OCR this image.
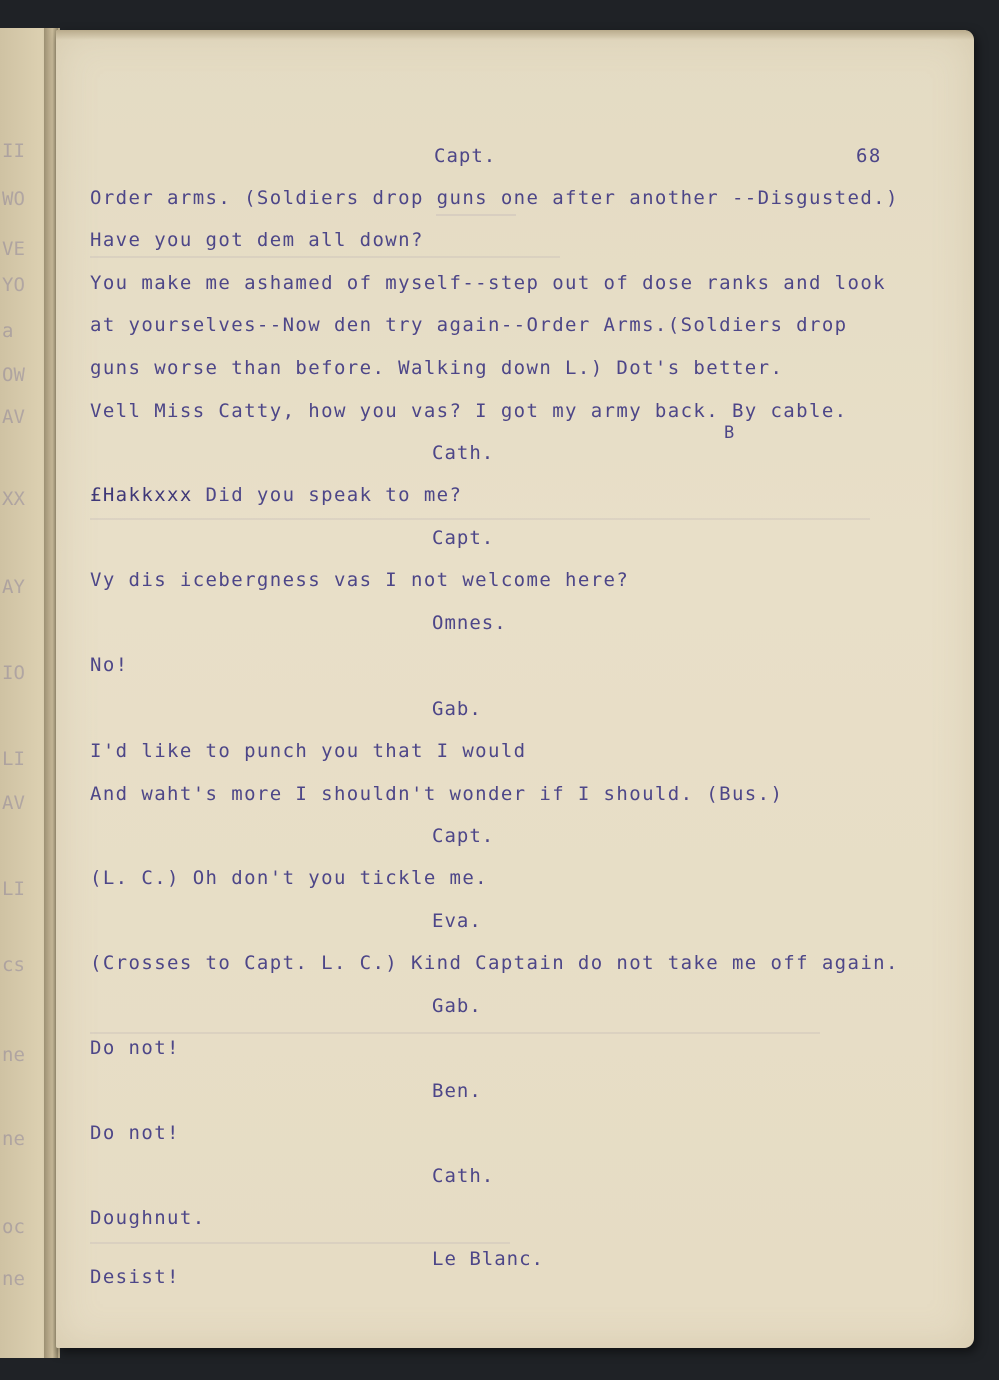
II
WO
VE
YO
a
OW
AV
XX
AY
IO
LI
AV
LI
cs
ne
ne
oc
ne
Capt.	68
Order arms. (Soldiers drop guns one after another --Disgusted.)
Have you got dem all down?
You make me ashamed of myself--step out of dose ranks and look
at yourselves--Now den try again--Order Arms.(Soldiers drop
guns worse than before. Walking down L.) Dot's better.
Vell Miss Catty, how you vas? I got my army back. By cable.
B
Cath.
£Hakkxxx Did you speak to me?
Capt.
Vy dis icebergness vas I not welcome here?
Omnes.
No!
Gab.
I'd like to punch you that I would
And waht's more I shouldn't wonder if I should. (Bus.)
Capt.
(L. C.) Oh don't you tickle me.
Eva.
(Crosses to Capt. L. C.) Kind Captain do not take me off again.
Gab.
Do not!
Ben.
Do not!
Cath.
Doughnut.
Le Blanc.
Desist!
